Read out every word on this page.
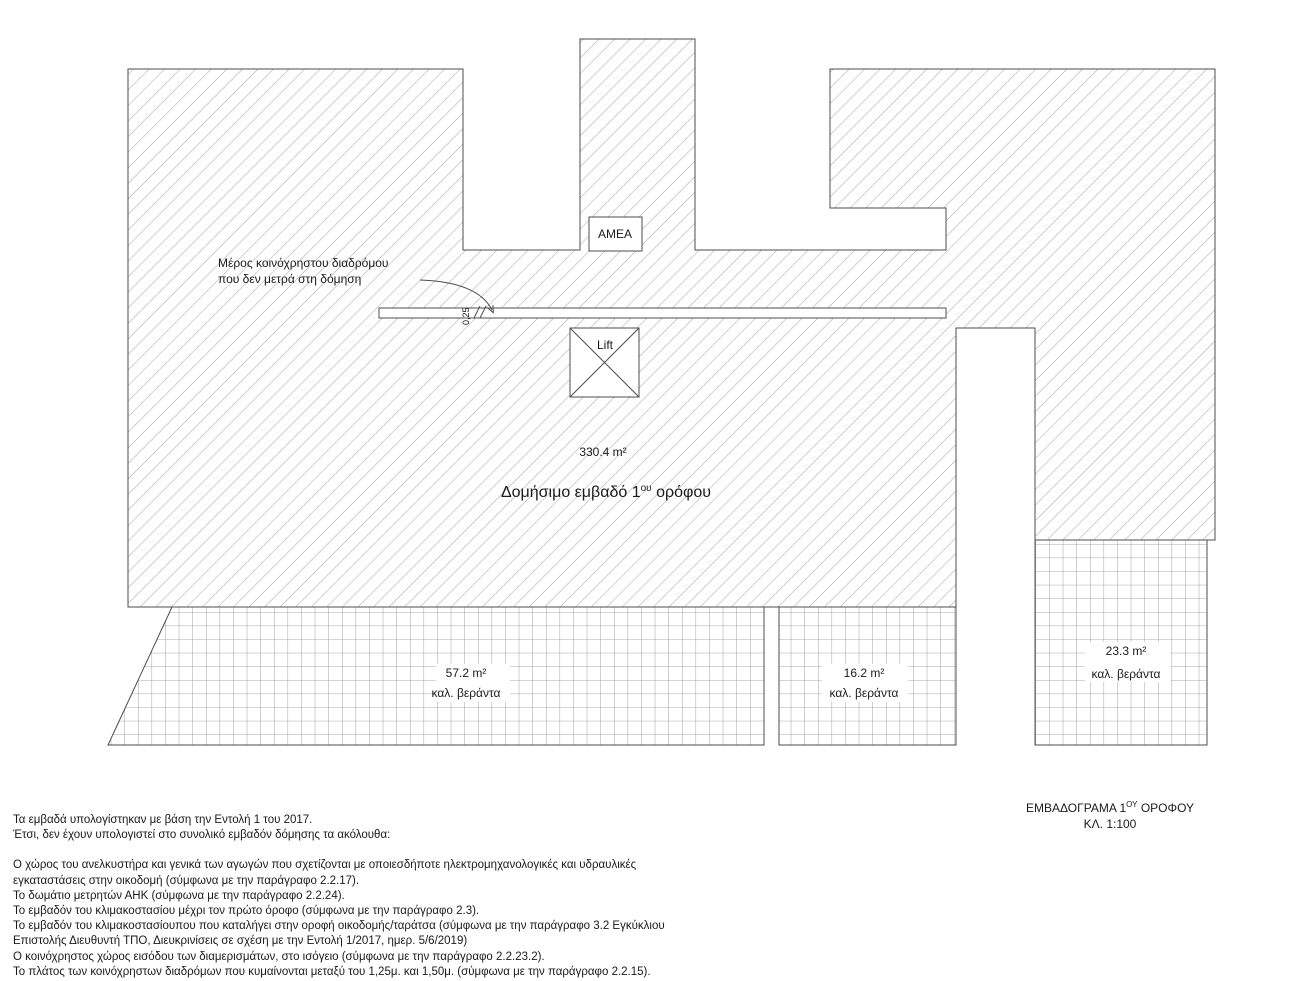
ΑΜΕΑ
Lift
Μέρος κοινόχρηστου διαδρόμου
που δεν μετρά στη δόμηση
0,25
330.4 m²
Δομήσιμο εμβαδό $1^{o\upsilon}$ ορόφου
57.2 m²
καλ. βεράντα
16.2 m²
καλ. βεράντα
23.3 m²
καλ. βεράντα
ΕΜΒΑΔΟΓΡΑΜΑ $1^{O\Upsilon}$ ΟΡΟΦΟΥ
ΚΛ. 1:100

Τα εμβαδά υπολογίστηκαν με βάση την Εντολή 1 του 2017.

Έτσι, δεν έχουν υπολογιστεί στο συνολικό εμβαδόν δόμησης τα ακόλουθα:

Ο χώρος του ανελκυστήρα και γενικά των αγωγών που σχετίζονται με οποιεσδήποτε ηλεκτρομηχανολογικές και υδραυλικές

εγκαταστάσεις στην οικοδομή (σύμφωνα με την παράγραφο 2.2.17).

Το δωμάτιο μετρητών ΑΗΚ (σύμφωνα με την παράγραφο 2.2.24).

Το εμβαδόν του κλιμακοστασίου μέχρι τον πρώτο όροφο (σύμφωνα με την παράγραφο 2.3).

Το εμβαδόν του κλιμακοστασίουπου που καταλήγει στην οροφή οικοδομής/ταράτσα (σύμφωνα με την παράγραφο 3.2 Εγκύκλιου

Επιστολής Διευθυντή ΤΠΟ, Διευκρινίσεις σε σχέση με την Εντολή 1/2017, ημερ. 5/6/2019)

Ο κοινόχρηστος χώρος εισόδου των διαμερισμάτων, στο ισόγειο (σύμφωνα με την παράγραφο 2.2.23.2).

Το πλάτος των κοινόχρηστων διαδρόμων που κυμαίνονται μεταξύ του 1,25μ. και 1,50μ. (σύμφωνα με την παράγραφο 2.2.15).
